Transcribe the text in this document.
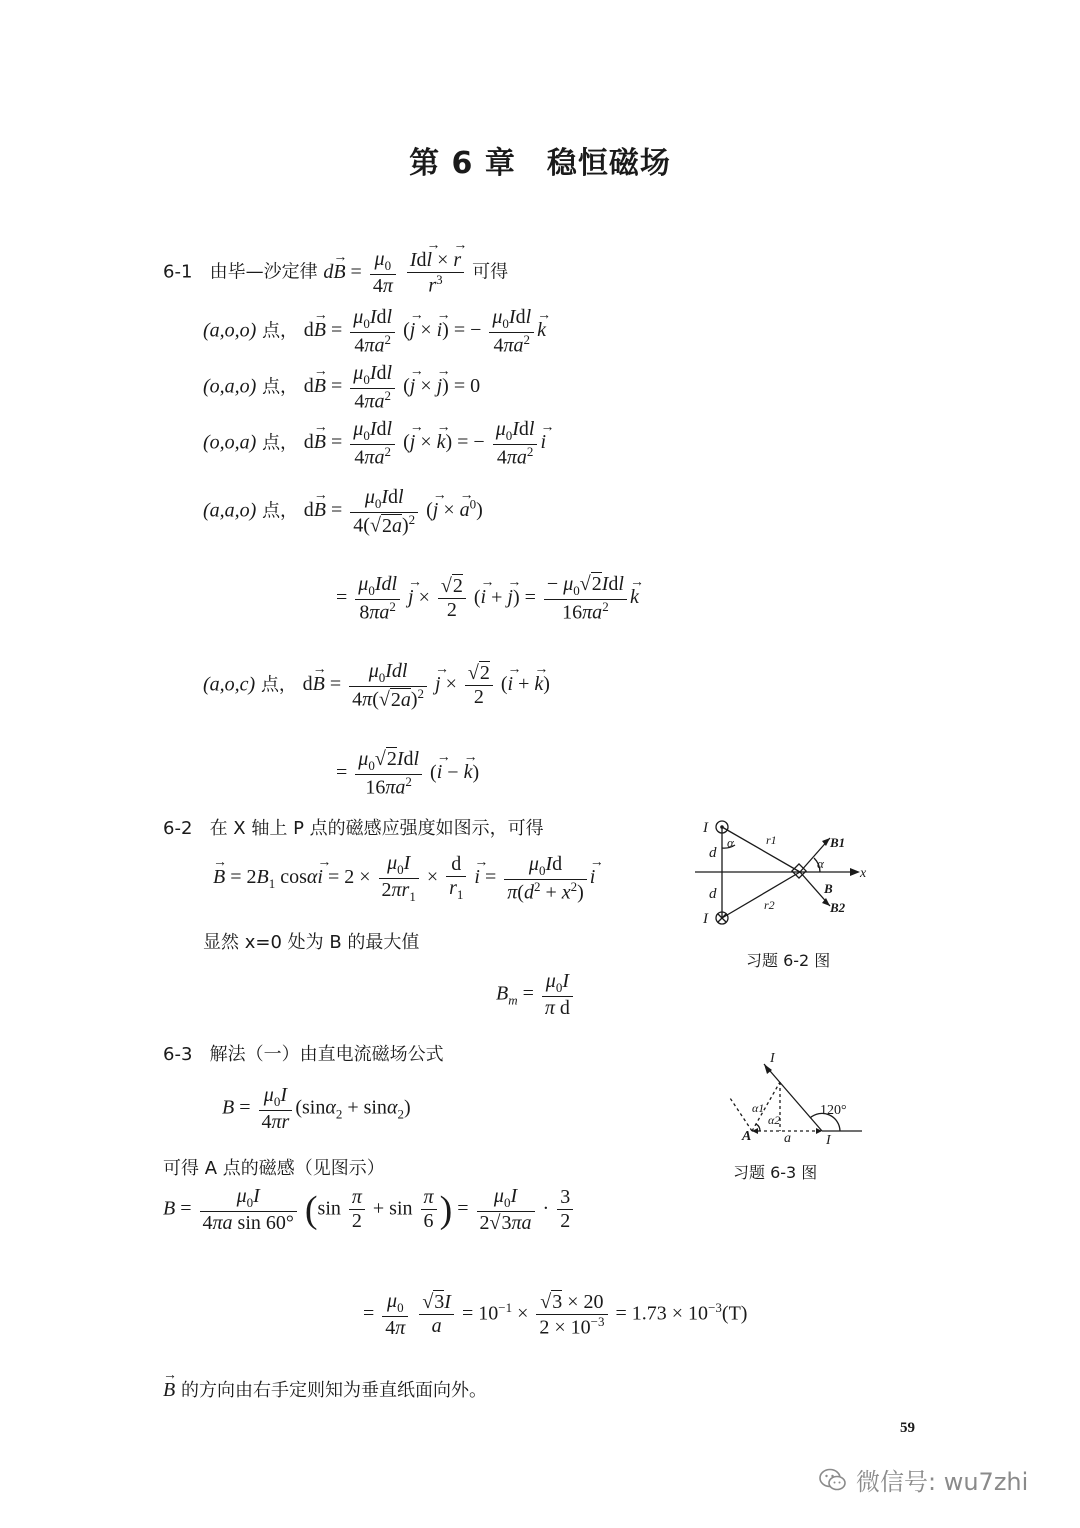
第 6 章　稳恒磁场
6-1 由毕—沙定律 $d\to B = \frac{\mu_0}{4\pi}$
$\frac{Id\to l \times \to r}{r^3}$ 可得
(a,o,o) 点， $d\to B = \frac{\mu_0Idl}{4\pi a^2}$ (→ j × → i) = − $\frac{\mu_0Idl}{4\pi a^2}$
→ k
(o,a,o) 点， $d\to B = \frac{\mu_0Idl}{4\pi a^2}$ (→ j × → j) = 0
(o,o,a) 点， $d\to B = \frac{\mu_0Idl}{4\pi a^2}$ (→ j × → k) = − $\frac{\mu_0Idl}{4\pi a^2}$
→ i
(a,a,o) 点， $d\to B = \frac{\mu_0Idl}{4(√2a)^2}$ (→ j × → $a^0$)
= $\frac{\mu_0Idl}{8\pi a^2}$
→ $j \times \frac{√2}{2}$ (→ i + → $j) = \frac{- \mu_0√2Idl}{16\pi a^2}$
→ k
(a,o,c) 点， $d\to B = \frac{\mu_0Idl}{4\pi(√2a)^2}$
→ $j \times \frac{√2}{2}$ (→ i + → k)
= $\frac{\mu_0√2Idl}{16\pi a^2}$ (→ i − → k)
6-2 在 X 轴上 P 点的磁感应强度如图示，可得
→ $B = 2B_1$ $\cos\alpha\to i = 2 \times \frac{\mu_0I}{2\pi r_1} \times \frac{d}{r_1}$
→ $i = \frac{\mu_0Id}{\pi(d^2 + x^2)}$
→ i
显然 x=0 处为 B 的最大值
$B_m = \frac{\mu_0I}{\text{π d}}$
I
I
d
d
r1
r2
α
α
B1
B
B2
x
习题 6-2 图
6-3 解法（一）由直电流磁场公式
$B = \frac{\mu_0I}{4\pi r} (\sin\alpha_2 + \sin\alpha_2)$
可得 A 点的磁感（见图示）
$B = \frac{\mu_0I}{\text{4πa sin 60°}} (\sin \frac{\pi}{2} + \sin \frac{\pi}{6}$ ) = $\frac{\mu_0I}{2√3\pi a} \cdot \frac{3}{2}$
= $\frac{\mu_0}{4\pi}$
$\frac{√3I}{a} = 10^{-1} \times \frac{√3 \times 20}{2 \times 10^{-3}} = 1.73 \times 10^{-3}(T)$
→ B 的方向由右手定则知为垂直纸面向外。
I
I
α1
α2
120°
A a
习题 6-3 图
59
微信号: wu7zhi
